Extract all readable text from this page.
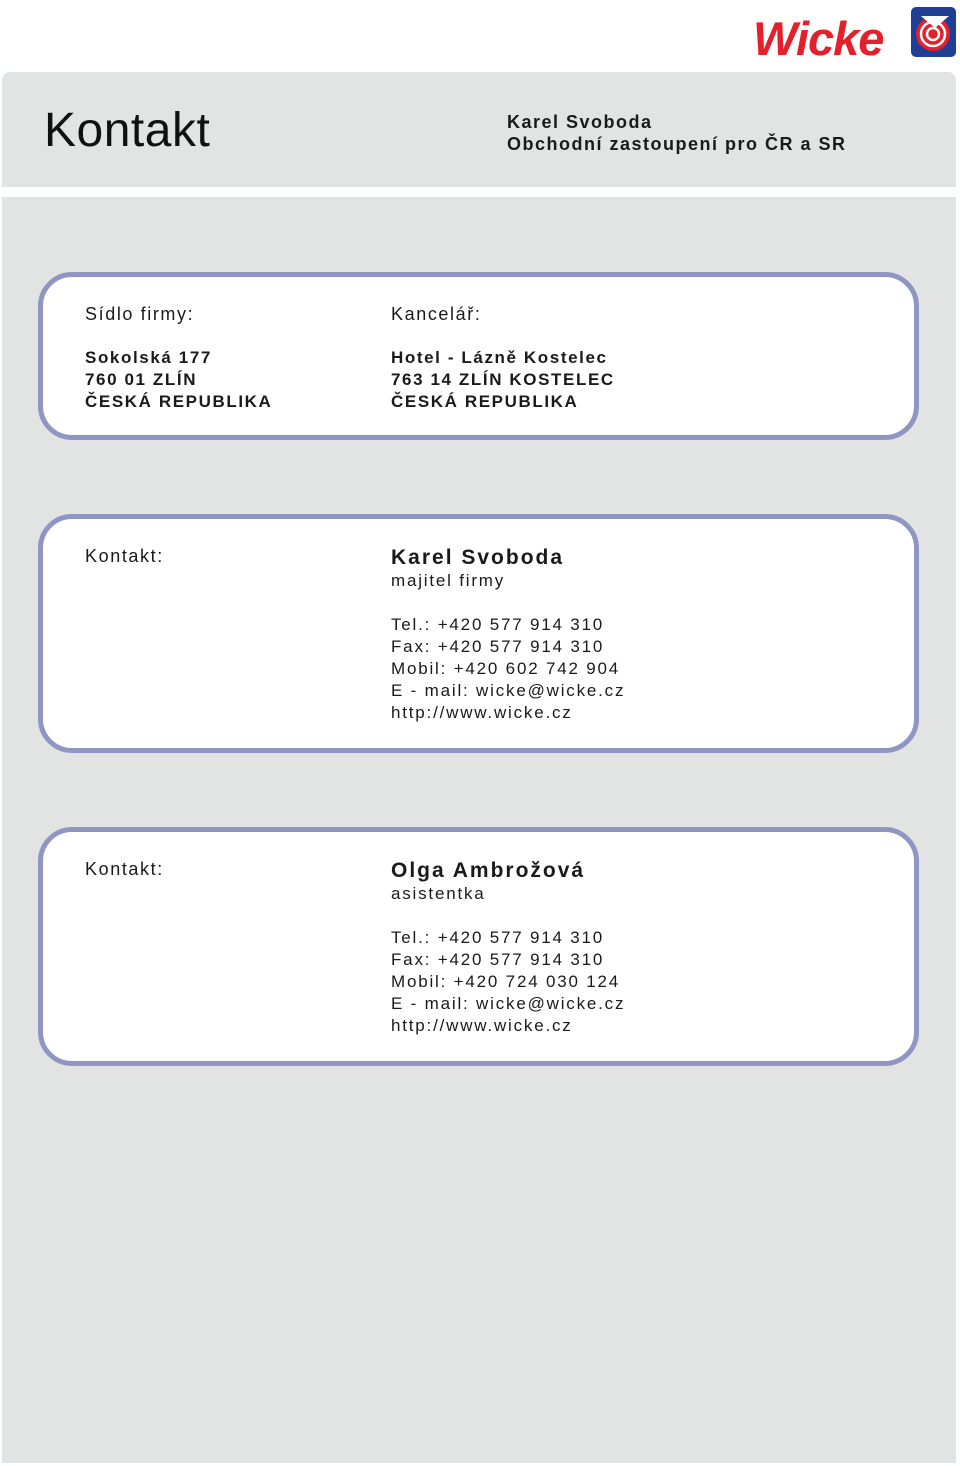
Wicke
Kontakt	Karel Svoboda
Obchodní zastoupení pro ČR a SR
Sídlo firmy:
Sokolská 177
760 01 ZLÍN
ČESKÁ REPUBLIKA
Kancelář:
Hotel - Lázně Kostelec
763 14 ZLÍN KOSTELEC
ČESKÁ REPUBLIKA
Kontakt:	Karel Svoboda
majitel firmy
Tel.: +420 577 914 310
Fax: +420 577 914 310
Mobil: +420 602 742 904
E - mail: wicke@wicke.cz
http://www.wicke.cz
Kontakt:	Olga Ambrožová
asistentka
Tel.: +420 577 914 310
Fax: +420 577 914 310
Mobil: +420 724 030 124
E - mail: wicke@wicke.cz
http://www.wicke.cz
